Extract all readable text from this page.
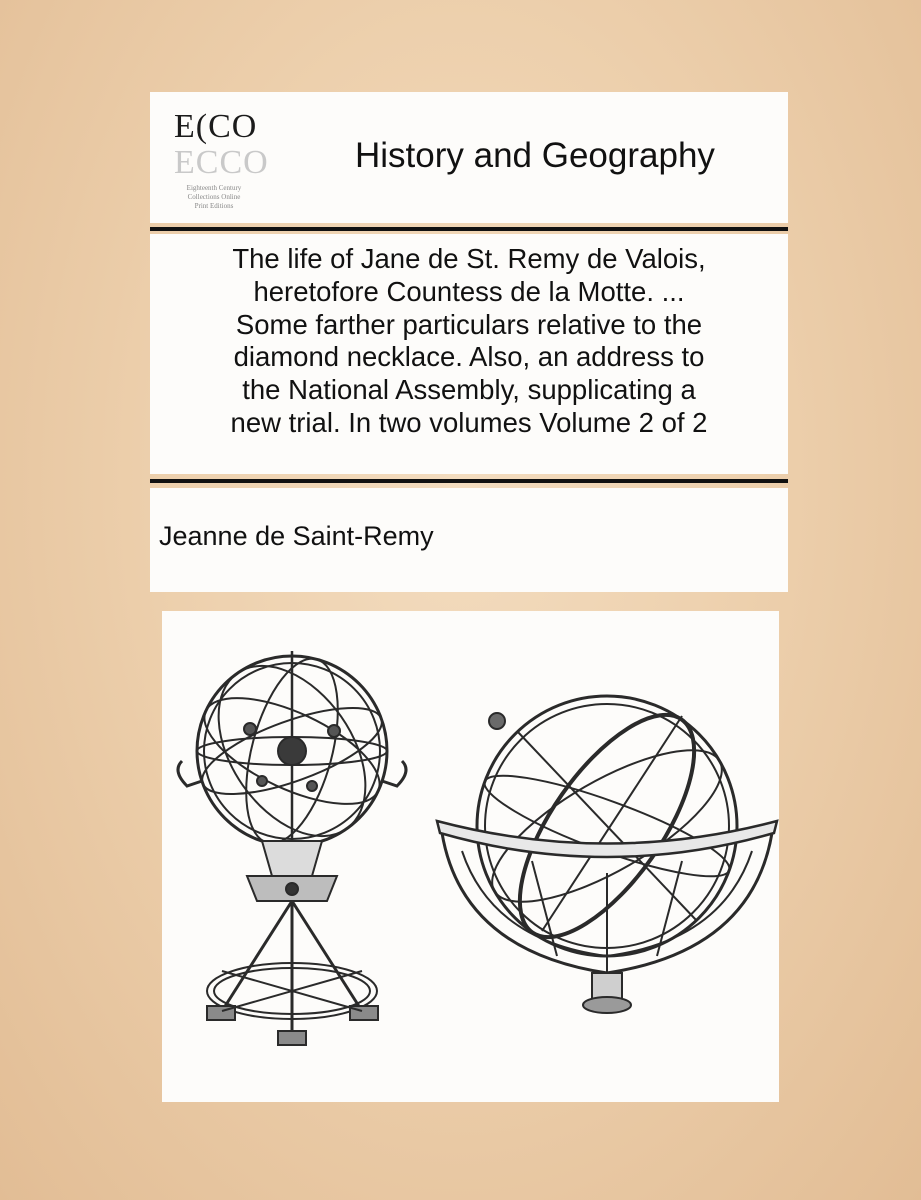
E(CO
ECCO
Eighteenth Century
Collections Online
Print Editions
History and Geography
The life of Jane de St. Remy de Valois,
heretofore Countess de la Motte. ...
Some farther particulars relative to the
diamond necklace. Also, an address to
the National Assembly, supplicating a
new trial. In two volumes Volume 2 of 2
Jeanne de Saint-Remy
